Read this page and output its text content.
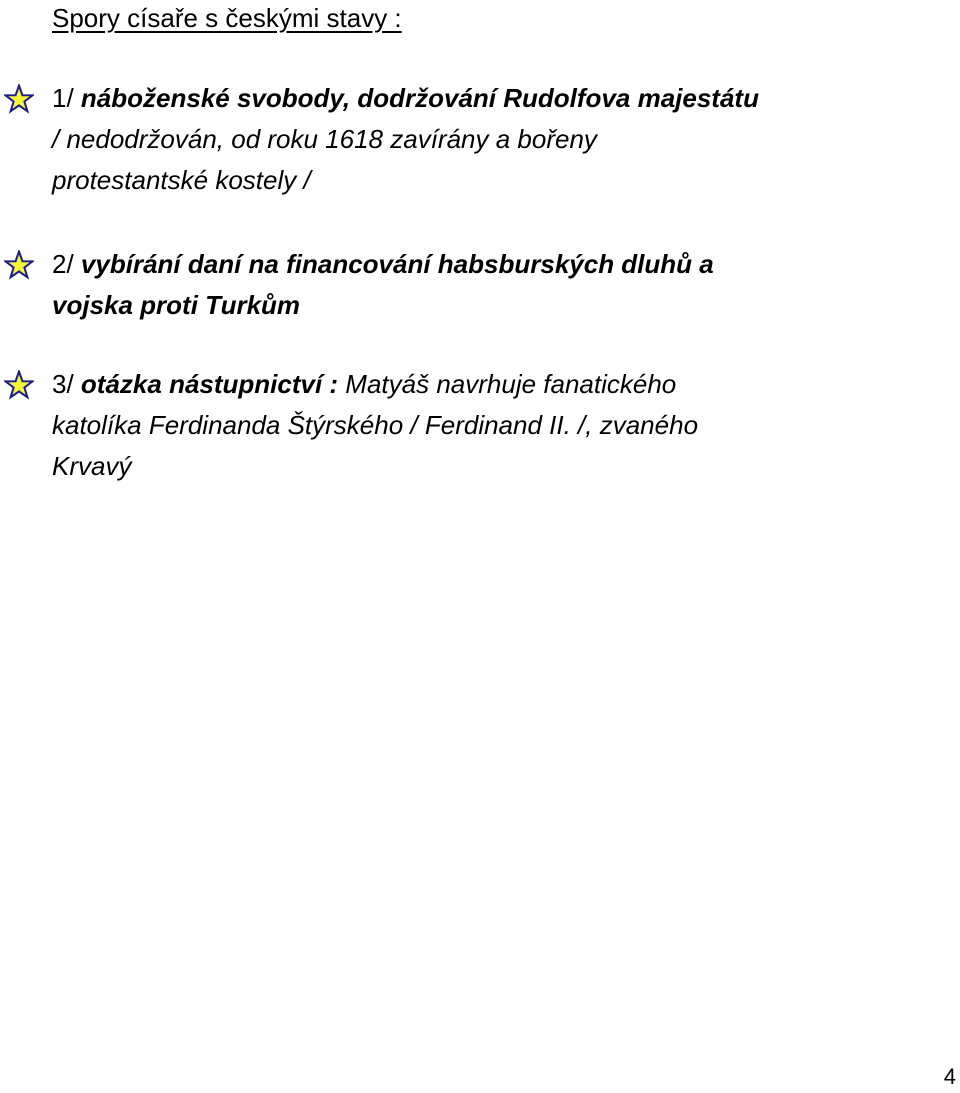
Spory císaře s českými stavy :
1/ náboženské svobody, dodržování Rudolfova majestátu
/ nedodržován, od roku 1618 zavírány a bořeny
protestantské kostely /
2/ vybírání daní na financování habsburských dluhů a
vojska proti Turkům
3/ otázka nástupnictví : Matyáš navrhuje fanatického
katolíka Ferdinanda Štýrského / Ferdinand II. /, zvaného
Krvavý
4
